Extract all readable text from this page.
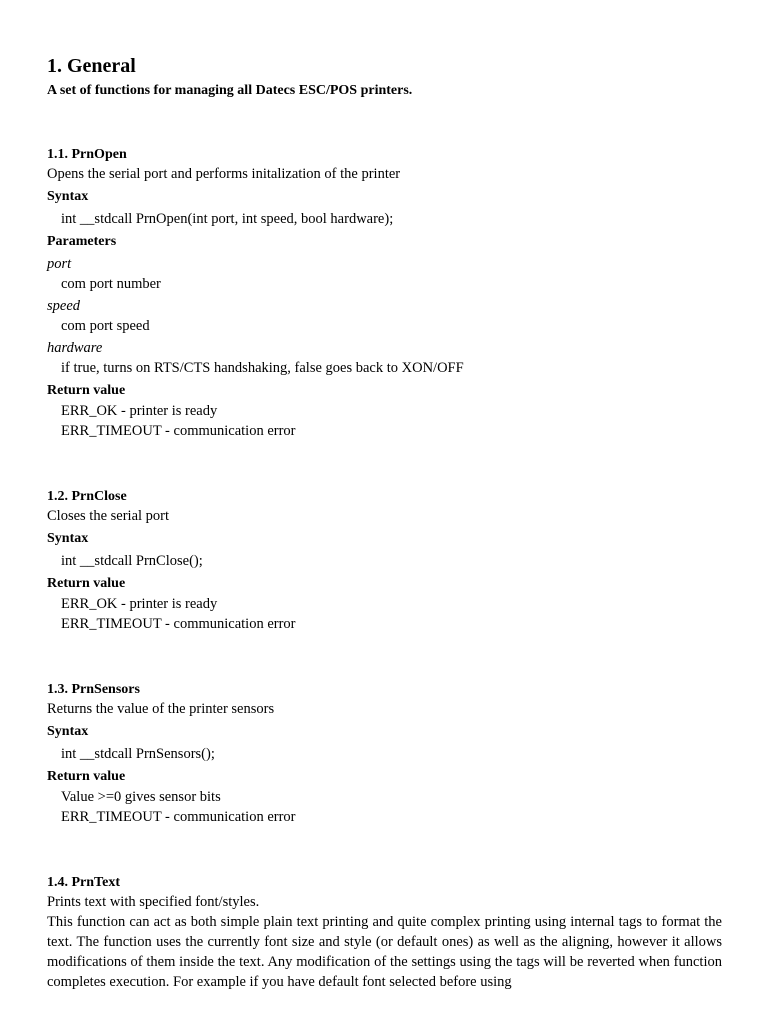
1. General
A set of functions for managing all Datecs ESC/POS printers.
1.1. PrnOpen
Opens the serial port and performs initalization of the printer
Syntax
int __stdcall PrnOpen(int port, int speed, bool hardware);
Parameters
port
com port number
speed
com port speed
hardware
if true, turns on RTS/CTS handshaking, false goes back to XON/OFF
Return value
ERR_OK - printer is ready
ERR_TIMEOUT - communication error
1.2. PrnClose
Closes the serial port
Syntax
int __stdcall PrnClose();
Return value
ERR_OK - printer is ready
ERR_TIMEOUT - communication error
1.3. PrnSensors
Returns the value of the printer sensors
Syntax
int __stdcall PrnSensors();
Return value
Value >=0 gives sensor bits
ERR_TIMEOUT - communication error
1.4. PrnText
Prints text with specified font/styles.

This function can act as both simple plain text printing and quite complex printing using internal tags to format the text. The function uses the currently font size and style (or default ones) as well as the aligning, however it allows modifications of them inside the text. Any modification of the settings using the tags will be reverted when function completes execution. For example if you have default font selected before using
